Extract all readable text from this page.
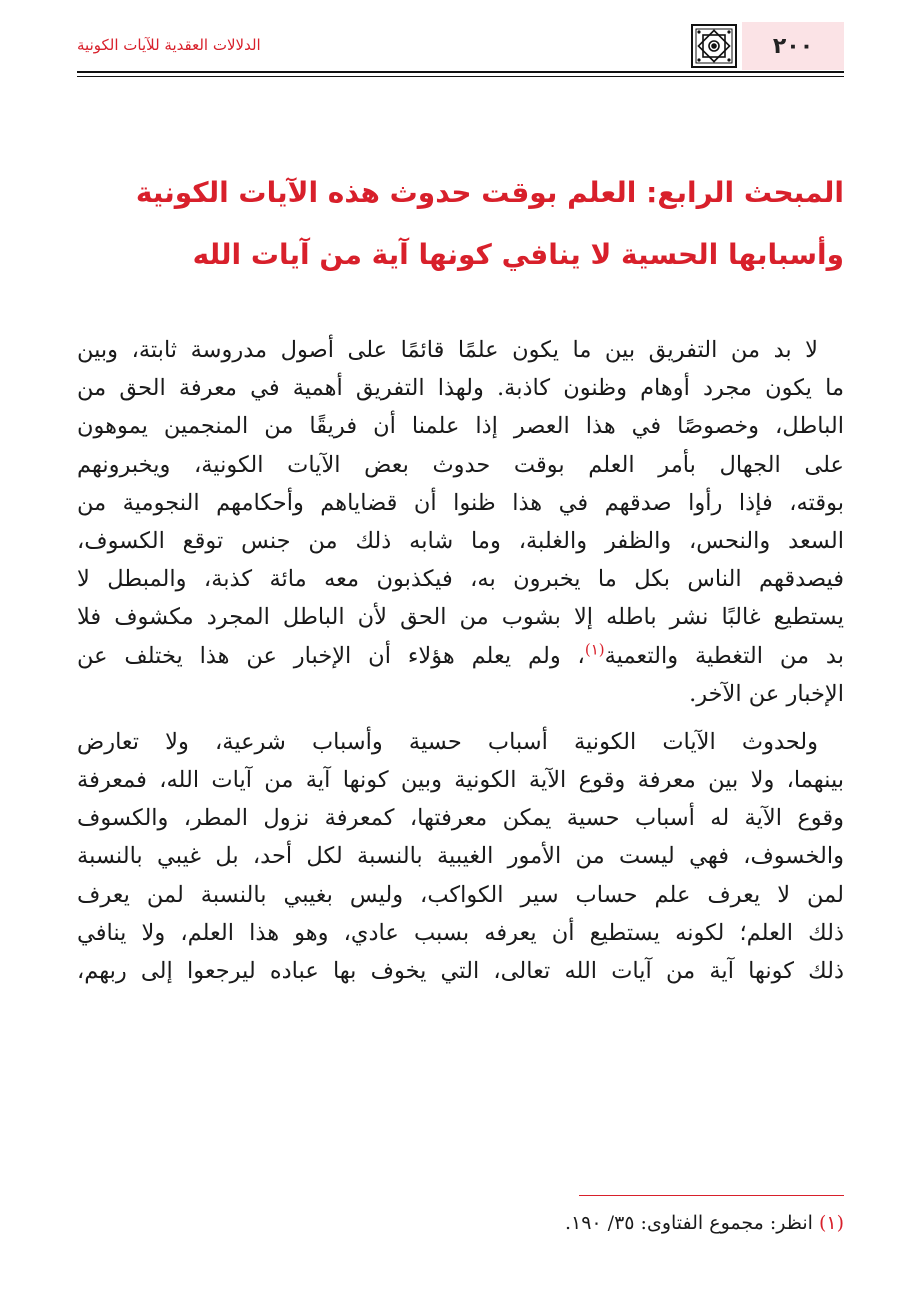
٢٠٠
الدلالات العقدية للآيات الكونية
المبحث الرابع: العلم بوقت حدوث هذه الآيات الكونية
وأسبابها الحسية لا ينافي كونها آية من آيات الله
لا بد من التفريق بين ما يكون علمًا قائمًا على أصول مدروسة ثابتة، وبين
ما يكون مجرد أوهام وظنون كاذبة. ولهذا التفريق أهمية في معرفة الحق من
الباطل، وخصوصًا في هذا العصر إذا علمنا أن فريقًا من المنجمين يموهون
على الجهال بأمر العلم بوقت حدوث بعض الآيات الكونية، ويخبرونهم
بوقته، فإذا رأوا صدقهم في هذا ظنوا أن قضاياهم وأحكامهم النجومية من
السعد والنحس، والظفر والغلبة، وما شابه ذلك من جنس توقع الكسوف،
فيصدقهم الناس بكل ما يخبرون به، فيكذبون معه مائة كذبة، والمبطل لا
يستطيع غالبًا نشر باطله إلا بشوب من الحق لأن الباطل المجرد مكشوف فلا
بد من التغطية والتعمية$^{(١)}$، ولم يعلم هؤلاء أن الإخبار عن هذا يختلف عن
الإخبار عن الآخر.
ولحدوث الآيات الكونية أسباب حسية وأسباب شرعية، ولا تعارض
بينهما، ولا بين معرفة وقوع الآية الكونية وبين كونها آية من آيات الله، فمعرفة
وقوع الآية له أسباب حسية يمكن معرفتها، كمعرفة نزول المطر، والكسوف
والخسوف، فهي ليست من الأمور الغيبية بالنسبة لكل أحد، بل غيبي بالنسبة
لمن لا يعرف علم حساب سير الكواكب، وليس بغيبي بالنسبة لمن يعرف
ذلك العلم؛ لكونه يستطيع أن يعرفه بسبب عادي، وهو هذا العلم، ولا ينافي
ذلك كونها آية من آيات الله تعالى، التي يخوف بها عباده ليرجعوا إلى ربهم،
(١) انظر: مجموع الفتاوى: ٣٥/ ١٩٠.
